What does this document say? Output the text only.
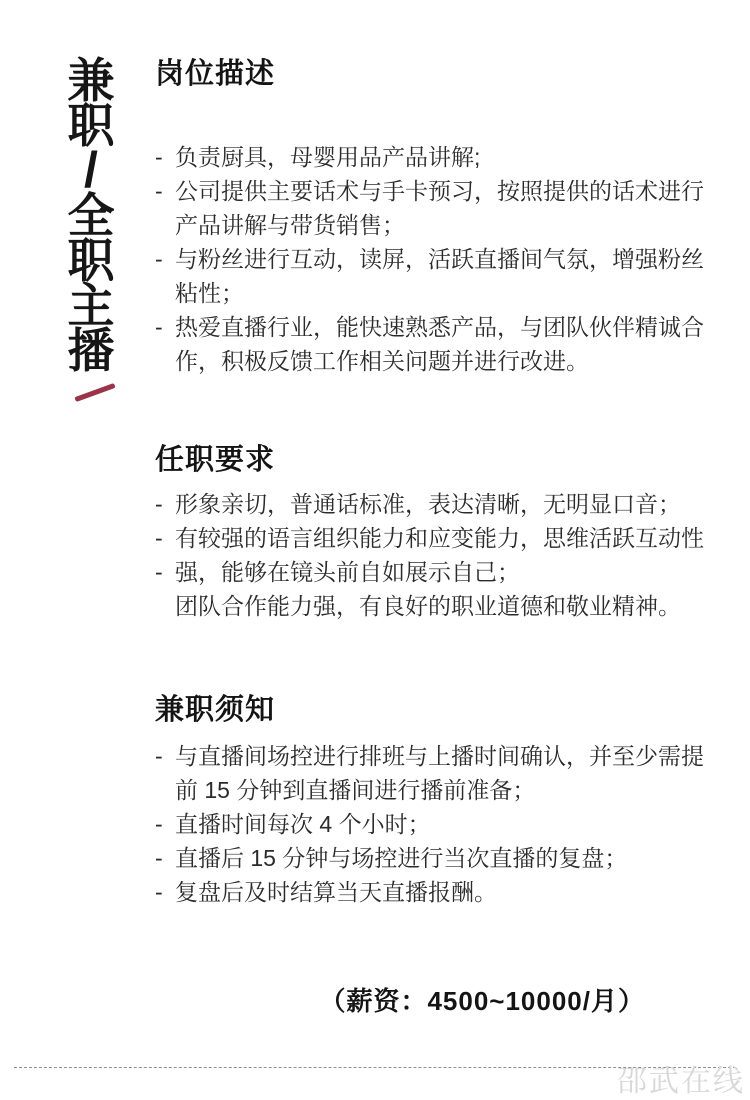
兼
职
/
全
职
主
播
岗位描述
- 负责厨具，母婴用品产品讲解;
- 公司提供主要话术与手卡预习，按照提供的话术进行
产品讲解与带货销售；
- 与粉丝进行互动，读屏，活跃直播间气氛，增强粉丝
粘性；
- 热爱直播行业，能快速熟悉产品，与团队伙伴精诚合
作，积极反馈工作相关问题并进行改进。
任职要求
- 形象亲切，普通话标准，表达清晰，无明显口音；
- 有较强的语言组织能力和应变能力，思维活跃互动性
- 强，能够在镜头前自如展示自己；
团队合作能力强，有良好的职业道德和敬业精神。
兼职须知
- 与直播间场控进行排班与上播时间确认，并至少需提
前 15 分钟到直播间进行播前准备；
- 直播时间每次 4 个小时；
- 直播后 15 分钟与场控进行当次直播的复盘；
- 复盘后及时结算当天直播报酬。
（薪资：4500~10000/月）
邵武在线
